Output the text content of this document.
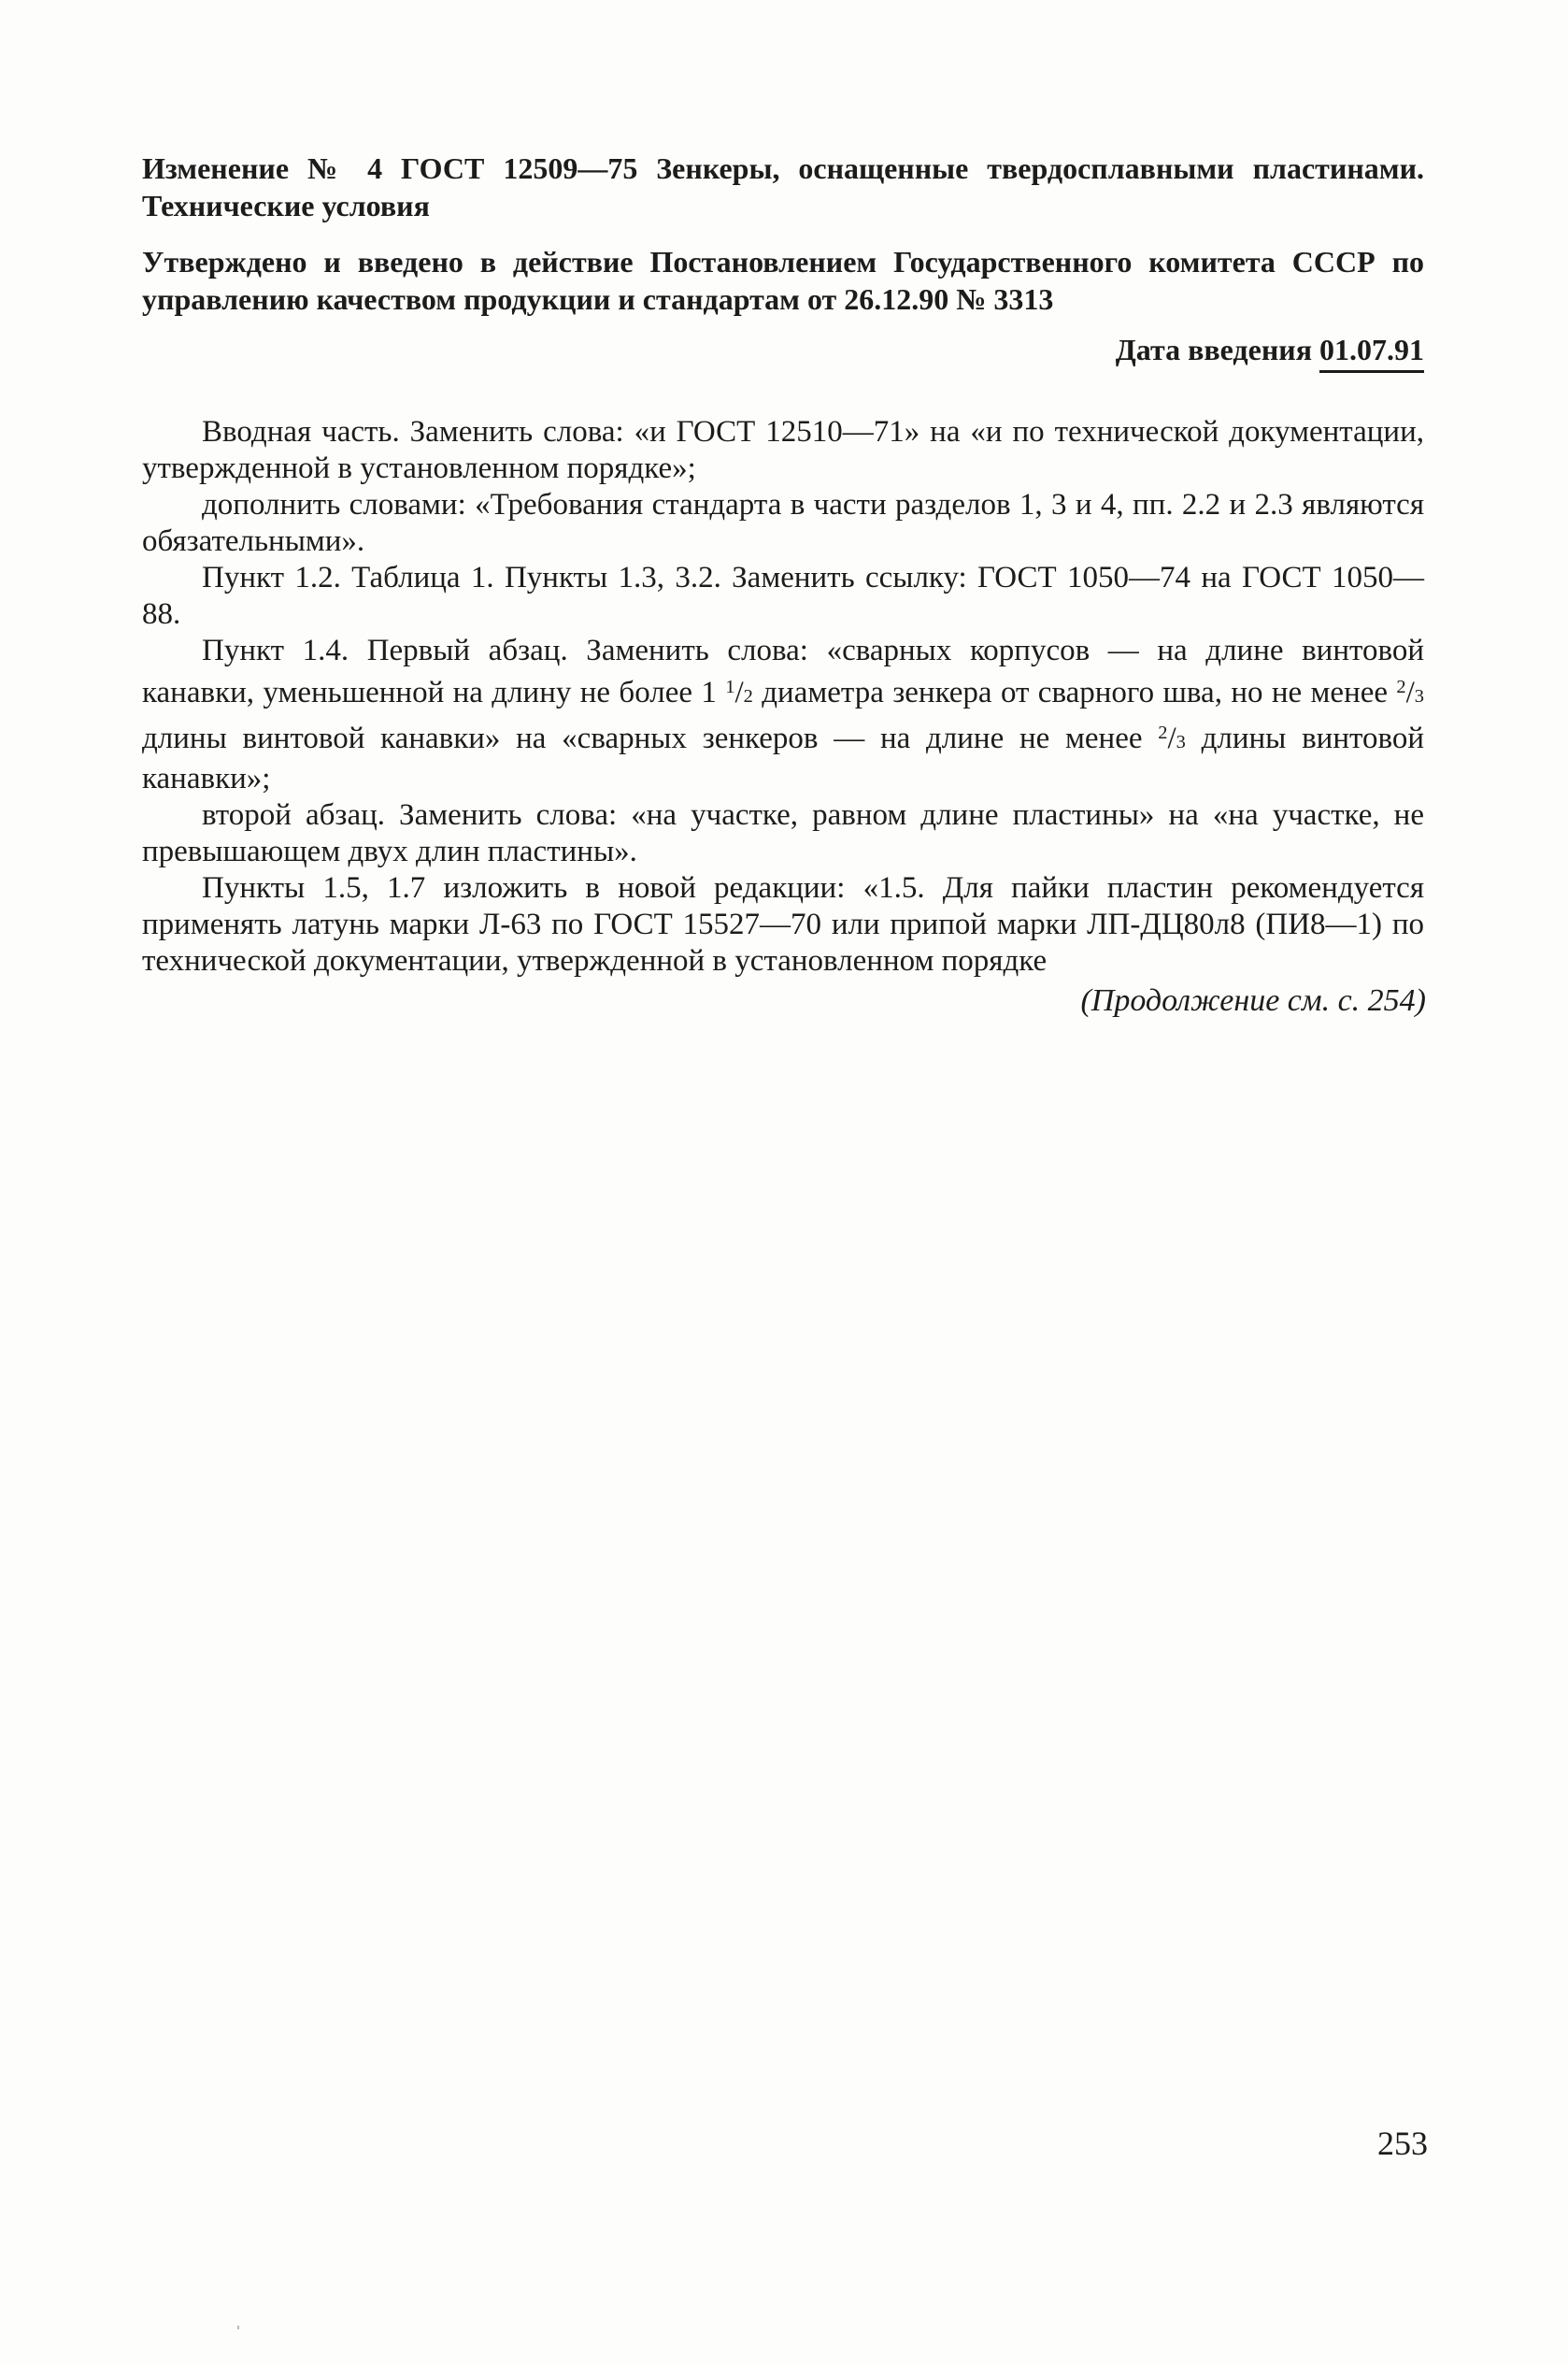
Изменение № 4 ГОСТ 12509—75 Зенкеры, оснащенные твердосплавными пластинами. Технические условия

Утверждено и введено в действие Постановлением Государственного комитета СССР по управлению качеством продукции и стандартам от 26.12.90 № 3313

Дата введения 01.07.91

Вводная часть. Заменить слова: «и ГОСТ 12510—71» на «и по технической документации, утвержденной в установленном порядке»;

дополнить словами: «Требования стандарта в части разделов 1, 3 и 4, пп. 2.2 и 2.3 являются обязательными».

Пункт 1.2. Таблица 1. Пункты 1.3, 3.2. Заменить ссылку: ГОСТ 1050—74 на ГОСТ 1050—88.

Пункт 1.4. Первый абзац. Заменить слова: «сварных корпусов — на длине винтовой канавки, уменьшенной на длину не более 1 $^1$/2 диаметра зенкера от сварного шва, но не менее $^2$/3 длины винтовой канавки» на «сварных зенкеров — на длине не менее $^2$/3 длины винтовой канавки»;

второй абзац. Заменить слова: «на участке, равном длине пластины» на «на участке, не превышающем двух длин пластины».

Пункты 1.5, 1.7 изложить в новой редакции: «1.5. Для пайки пластин рекомендуется применять латунь марки Л-63 по ГОСТ 15527—70 или припой марки ЛП-ДЦ80л8 (ПИ8—1) по технической документации, утвержденной в установленном порядке

(Продолжение см. с. 254)
253
